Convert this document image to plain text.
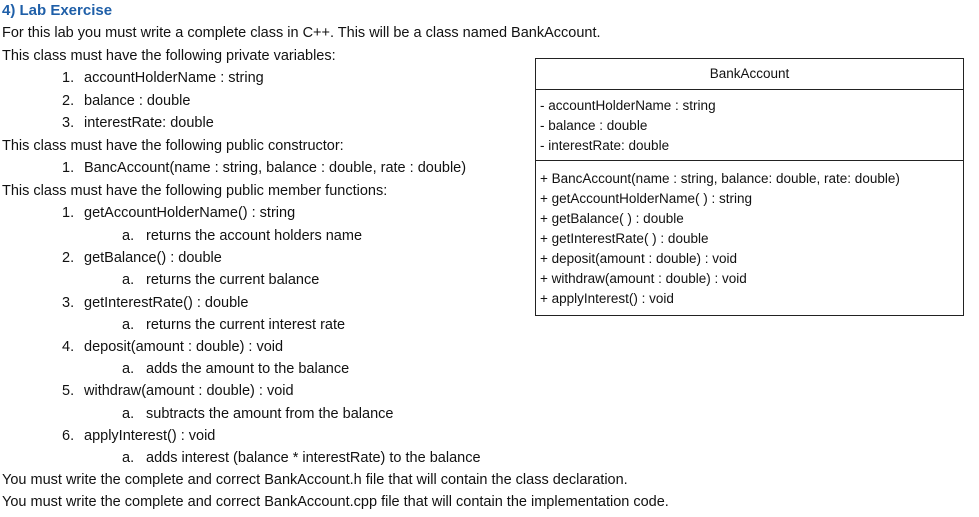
4) Lab Exercise
For this lab you must write a complete class in C++. This will be a class named BankAccount.
This class must have the following private variables:
1. accountHolderName : string
2. balance : double
3. interestRate: double
This class must have the following public constructor:
1. BancAccount(name : string, balance : double, rate : double)
This class must have the following public member functions:
1. getAccountHolderName() : string
a. returns the account holders name
2. getBalance() : double
a. returns the current balance
3. getInterestRate() : double
a. returns the current interest rate
4. deposit(amount : double) : void
a. adds the amount to the balance
5. withdraw(amount : double) : void
a. subtracts the amount from the balance
6. applyInterest() : void
a. adds interest (balance * interestRate) to the balance
You must write the complete and correct BankAccount.h file that will contain the class declaration.
You must write the complete and correct BankAccount.cpp file that will contain the implementation code.
BankAccount
- accountHolderName : string
- balance : double
- interestRate: double
+ BancAccount(name : string, balance: double, rate: double)
+ getAccountHolderName( ) : string
+ getBalance( ) : double
+ getInterestRate( ) : double
+ deposit(amount : double) : void
+ withdraw(amount : double) : void
+ applyInterest() : void
